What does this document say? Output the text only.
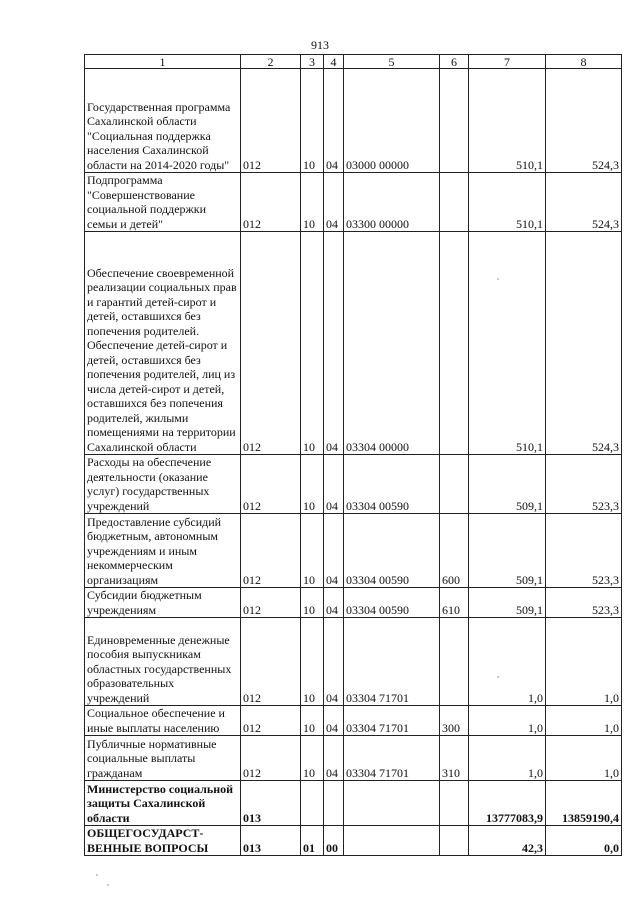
913
1	2	3	4	5	6	7	8
Государственная программа Сахалинской области "Социальная поддержка населения Сахалинской области на 2014-2020 годы"	012	10	04	03000 00000		510,1	524,3
Подпрограмма "Совершенствование социальной поддержки семьи и детей"	012	10	04	03300 00000		510,1	524,3
Обеспечение своевременной реализации социальных прав и гарантий детей-сирот и детей, оставшихся без попечения родителей. Обеспечение детей-сирот и детей, оставшихся без попечения родителей, лиц из числа детей-сирот и детей, оставшихся без попечения родителей, жилыми помещениями на территории Сахалинской области	012	10	04	03304 00000		510,1	524,3
Расходы на обеспечение деятельности (оказание услуг) государственных учреждений	012	10	04	03304 00590		509,1	523,3
Предоставление субсидий бюджетным, автономным учреждениям и иным некоммерческим организациям	012	10	04	03304 00590	600	509,1	523,3
Субсидии бюджетным учреждениям	012	10	04	03304 00590	610	509,1	523,3
Единовременные денежные пособия выпускникам областных государственных образовательных учреждений	012	10	04	03304 71701		1,0	1,0
Социальное обеспечение и иные выплаты населению	012	10	04	03304 71701	300	1,0	1,0
Публичные нормативные социальные выплаты гражданам	012	10	04	03304 71701	310	1,0	1,0
Министерство социальной защиты Сахалинской области	013					13777083,9	13859190,4
ОБЩЕГОСУДАРСТ-ВЕННЫЕ ВОПРОСЫ	013	01	00			42,3	0,0
